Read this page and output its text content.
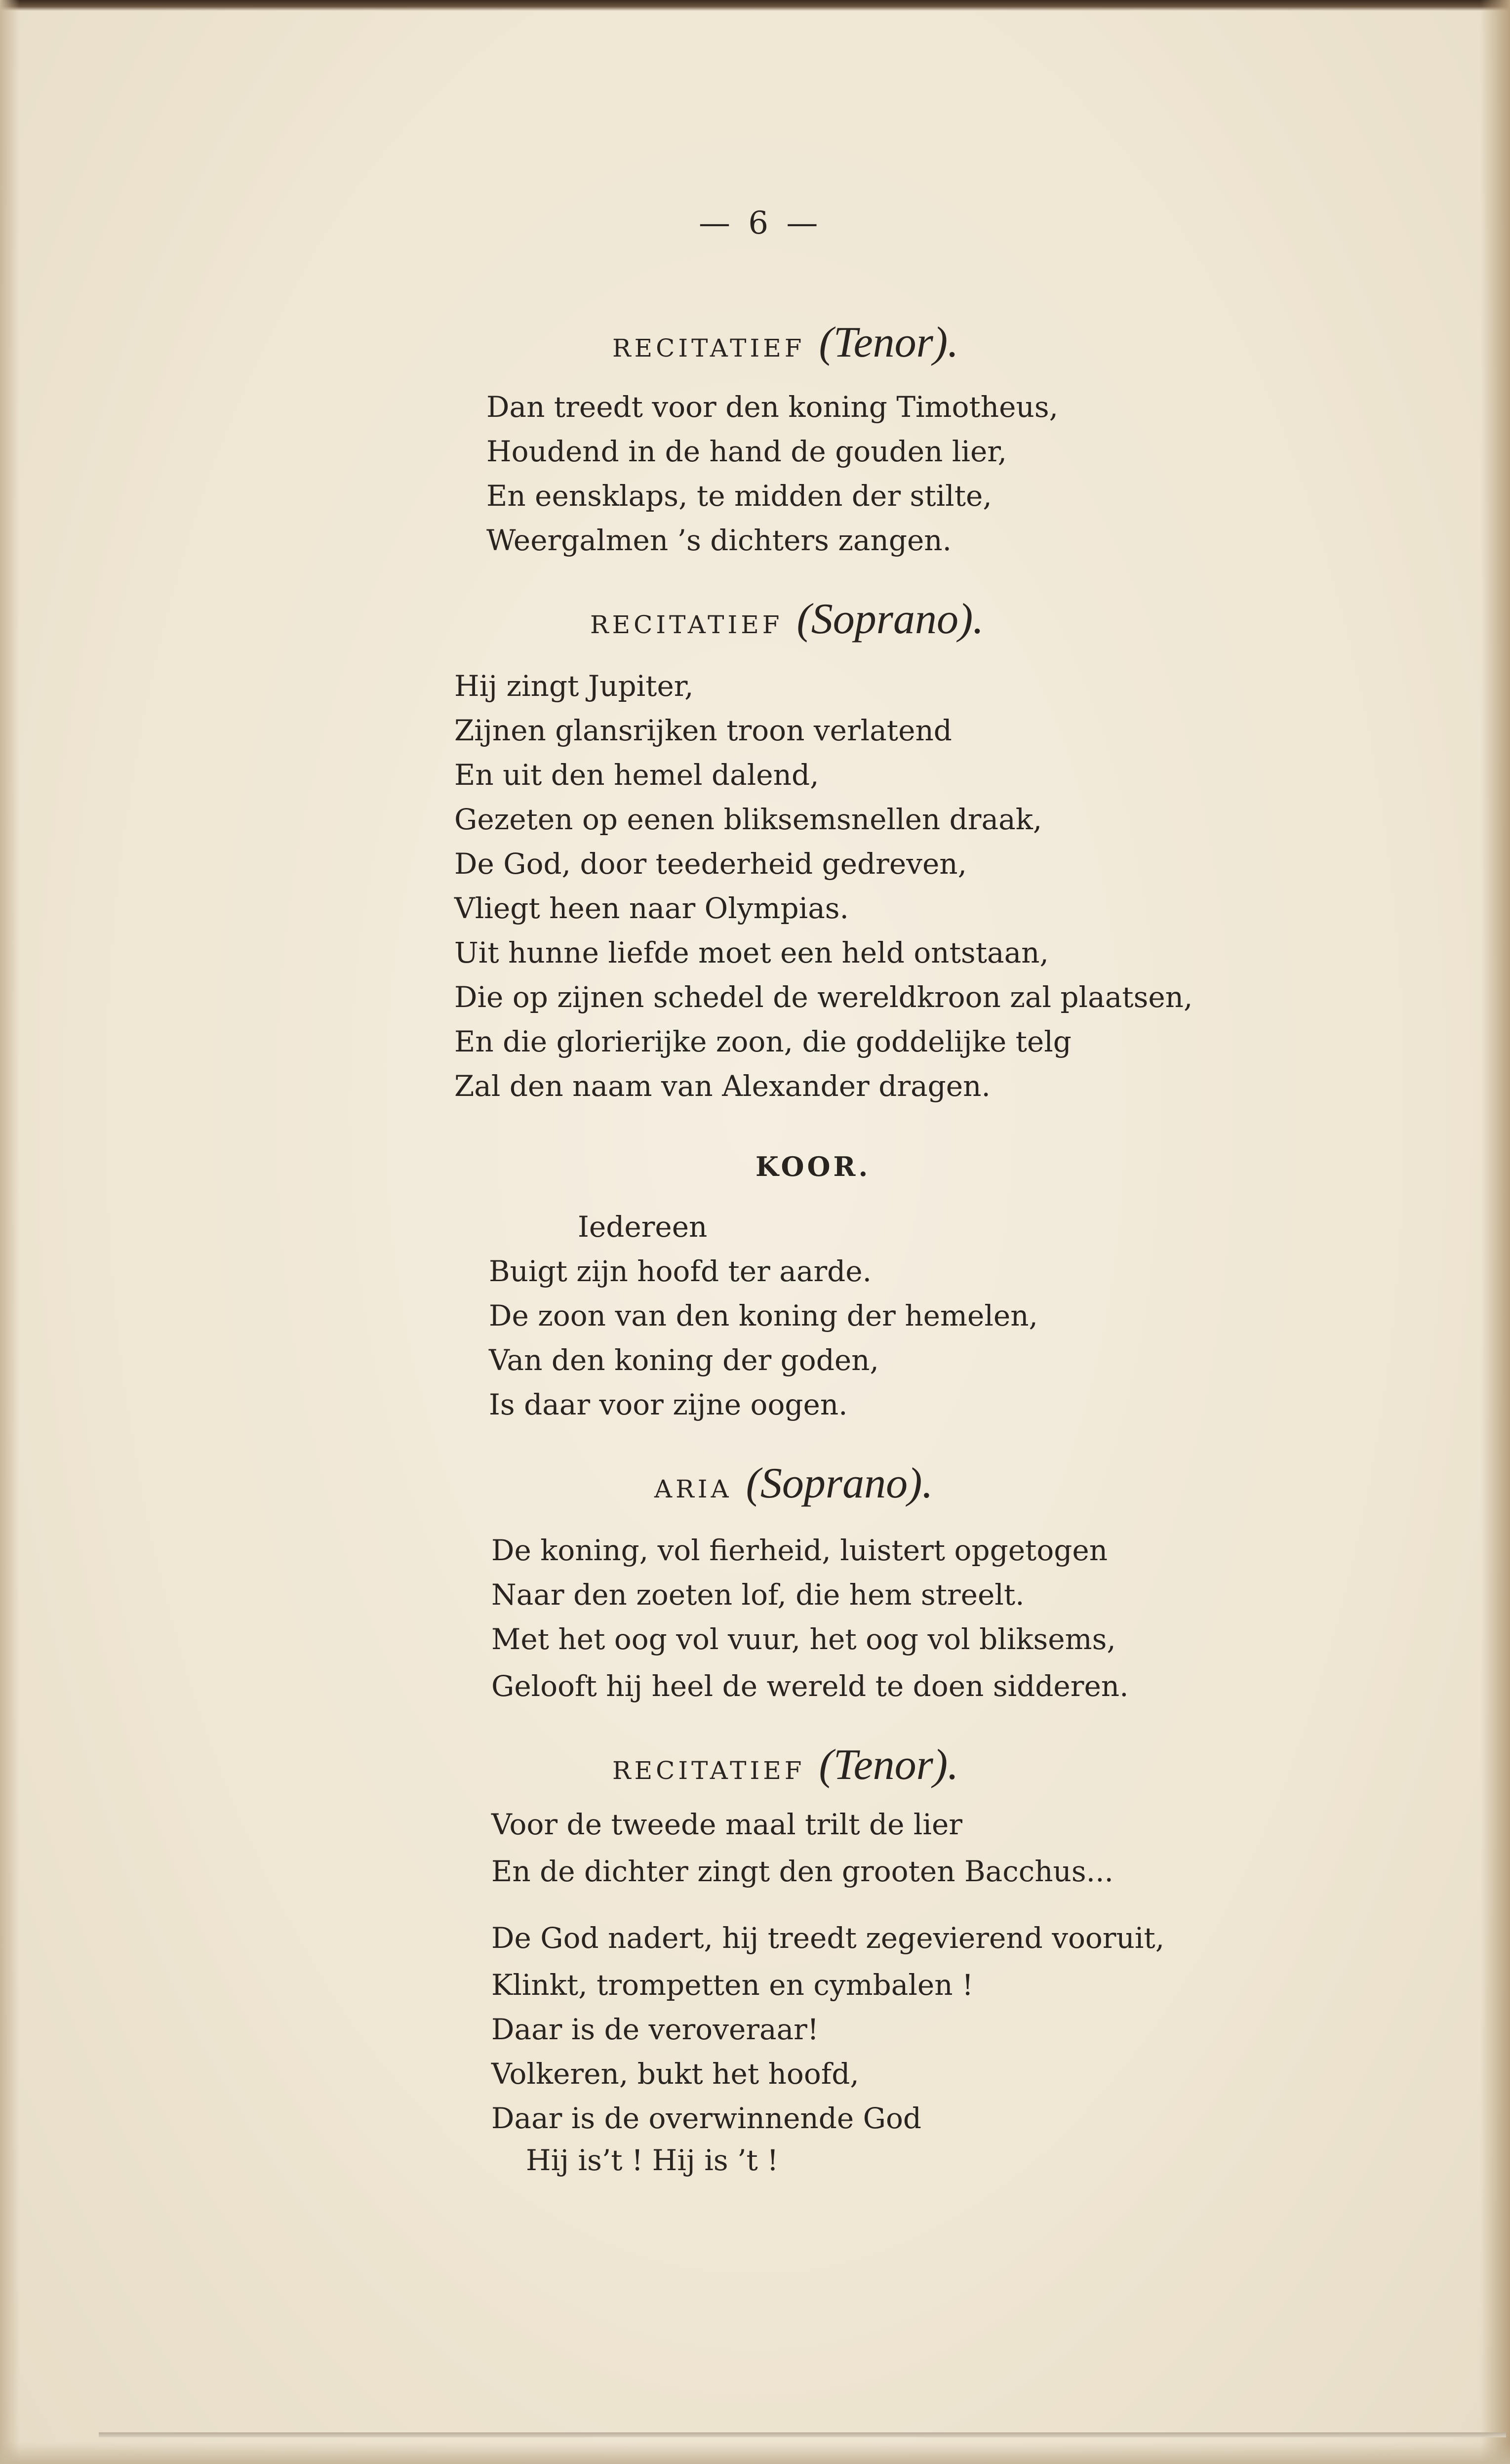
— 6 —
RECITATIEF (Tenor).
Dan treedt voor den koning Timotheus,
Houdend in de hand de gouden lier,
En eensklaps, te midden der stilte,
Weergalmen ’s dichters zangen.
RECITATIEF (Soprano).
Hij zingt Jupiter,
Zijnen glansrijken troon verlatend
En uit den hemel dalend,
Gezeten op eenen bliksemsnellen draak,
De God, door teederheid gedreven,
Vliegt heen naar Olympias.
Uit hunne liefde moet een held ontstaan,
Die op zijnen schedel de wereldkroon zal plaatsen,
En die glorierijke zoon, die goddelijke telg
Zal den naam van Alexander dragen.
KOOR.
Iedereen
Buigt zijn hoofd ter aarde.
De zoon van den koning der hemelen,
Van den koning der goden,
Is daar voor zijne oogen.
ARIA (Soprano).
De koning, vol fierheid, luistert opgetogen
Naar den zoeten lof, die hem streelt.
Met het oog vol vuur, het oog vol bliksems,
Gelooft hij heel de wereld te doen sidderen.
RECITATIEF (Tenor).
Voor de tweede maal trilt de lier
En de dichter zingt den grooten Bacchus...
De God nadert, hij treedt zegevierend vooruit,
Klinkt, trompetten en cymbalen !
Daar is de veroveraar!
Volkeren, bukt het hoofd,
Daar is de overwinnende God
Hij is’t ! Hij is ’t !
